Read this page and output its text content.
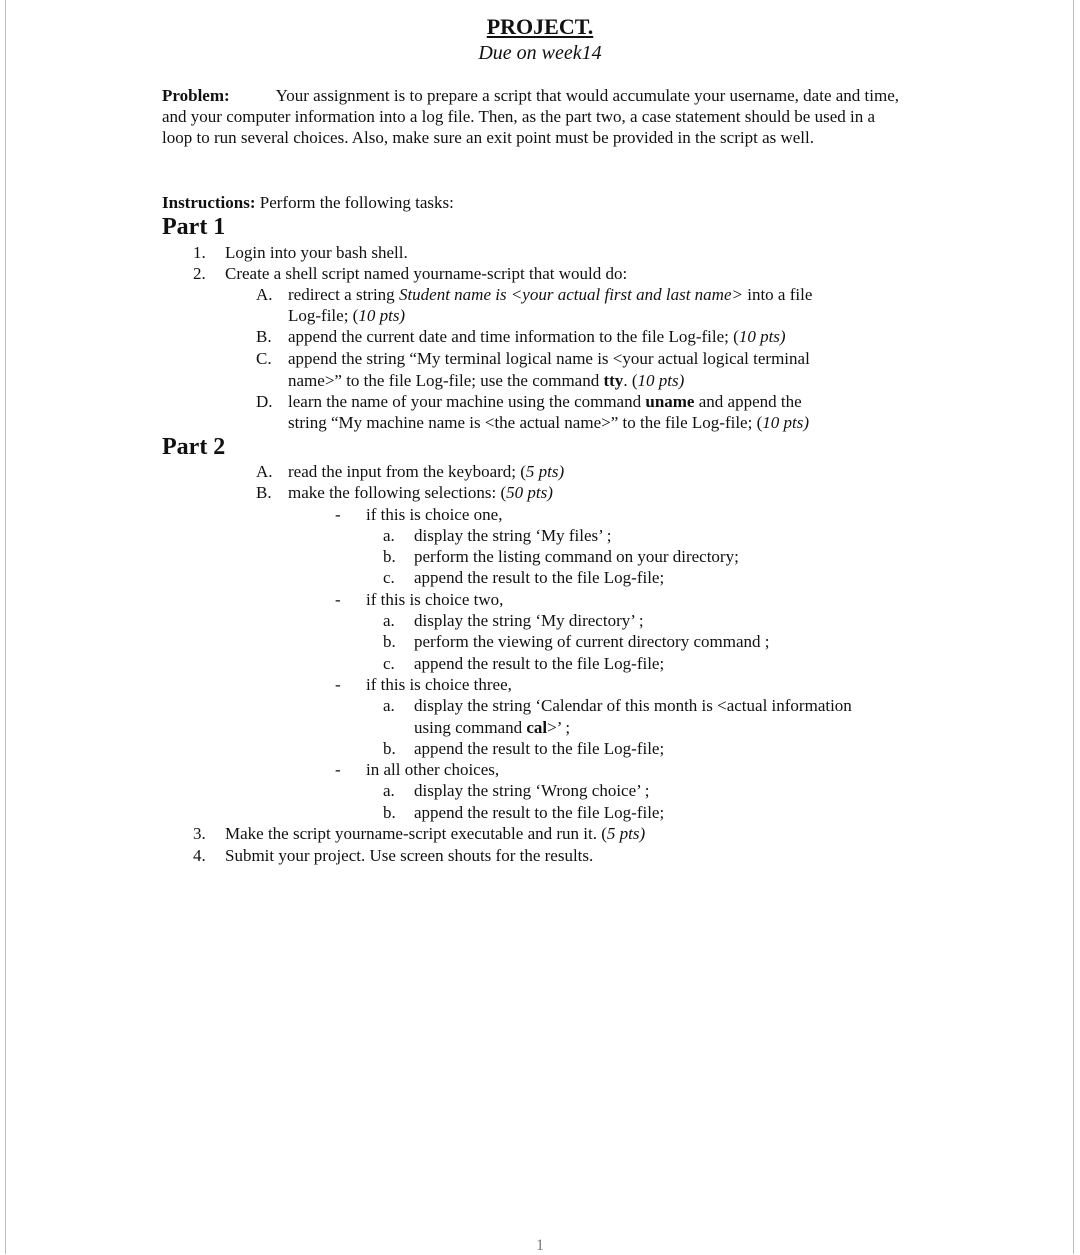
PROJECT.
Due on week14
Problem:	Your assignment is to prepare a script that would accumulate your username, date and time, and your computer information into a log file. Then, as the part two, a case statement should be used in a loop to run several choices. Also, make sure an exit point must be provided in the script as well.
Instructions: Perform the following tasks:
Part 1
1. Login into your bash shell.
2. Create a shell script named yourname-script that would do:
A. redirect a string Student name is <your actual first and last name> into a file
Log-file; (10 pts)
B. append the current date and time information to the file Log-file; (10 pts)
C. append the string “My terminal logical name is <your actual logical terminal
name>” to the file Log-file; use the command tty. (10 pts)
D. learn the name of your machine using the command uname and append the
string “My machine name is <the actual name>” to the file Log-file; (10 pts)
Part 2
A. read the input from the keyboard; (5 pts)
B. make the following selections: (50 pts)
- if this is choice one,
a. display the string ‘My files’ ;
b. perform the listing command on your directory;
c. append the result to the file Log-file;
- if this is choice two,
a. display the string ‘My directory’ ;
b. perform the viewing of current directory command ;
c. append the result to the file Log-file;
- if this is choice three,
a. display the string ‘Calendar of this month is <actual information
using command cal>’ ;
b. append the result to the file Log-file;
- in all other choices,
a. display the string ‘Wrong choice’ ;
b. append the result to the file Log-file;
3. Make the script yourname-script executable and run it. (5 pts)
4. Submit your project. Use screen shouts for the results.
1
